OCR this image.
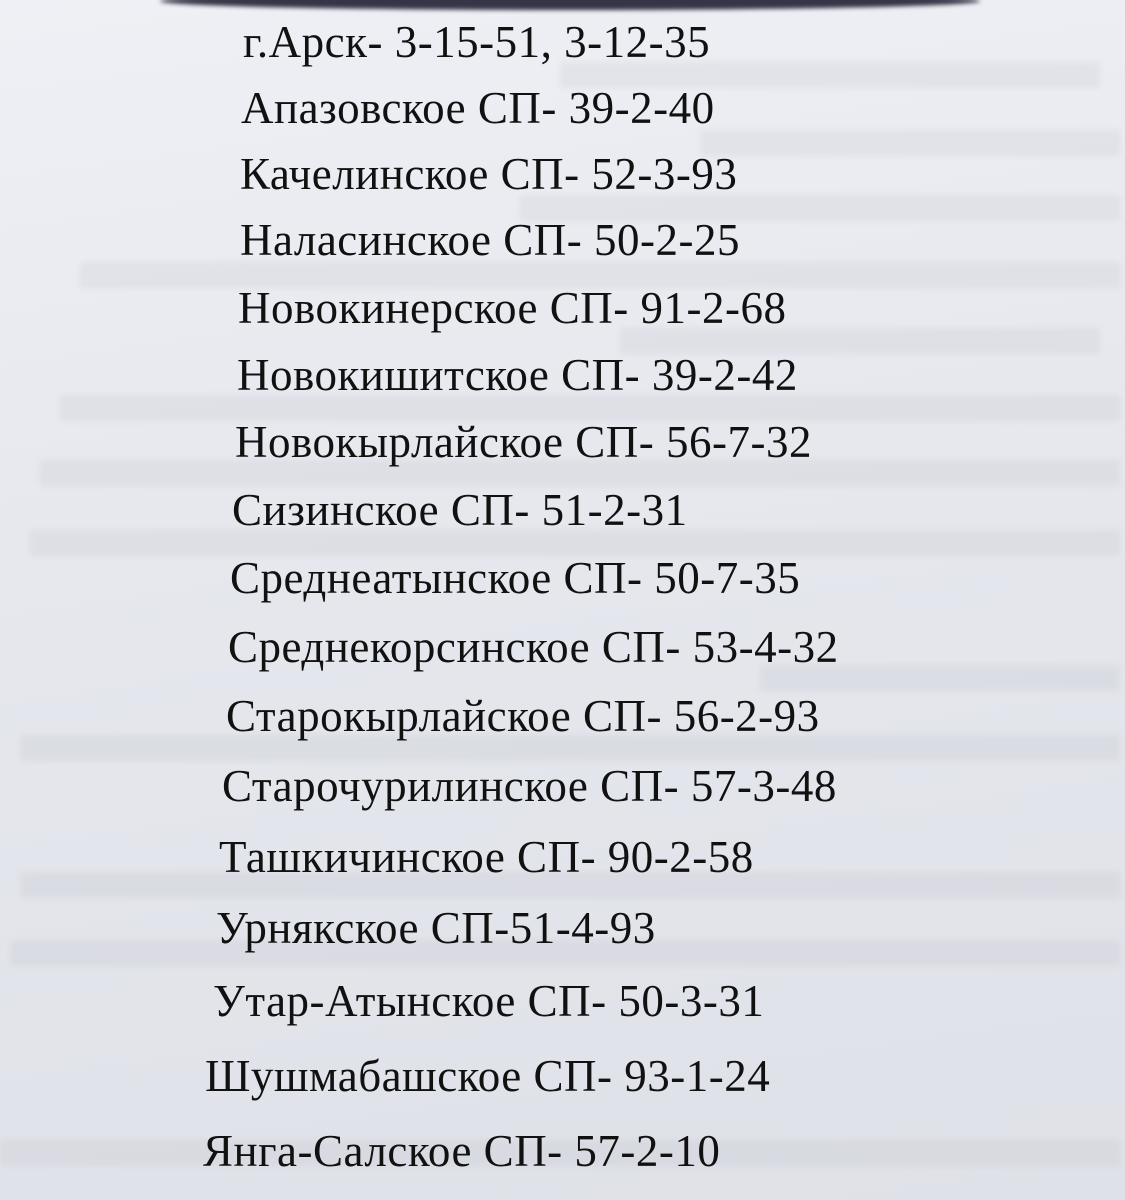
г.Арск- 3-15-51, 3-12-35
Апазовское СП- 39-2-40
Качелинское СП- 52-3-93
Наласинское СП- 50-2-25
Новокинерское СП- 91-2-68
Новокишитское СП- 39-2-42
Новокырлайское СП- 56-7-32
Сизинское СП- 51-2-31
Среднеатынское СП- 50-7-35
Среднекорсинское СП- 53-4-32
Старокырлайское СП- 56-2-93
Старочурилинское СП- 57-3-48
Ташкичинское СП- 90-2-58
Урнякское СП-51-4-93
Утар-Атынское СП- 50-3-31
Шушмабашское СП- 93-1-24
Янга-Салское СП- 57-2-10
